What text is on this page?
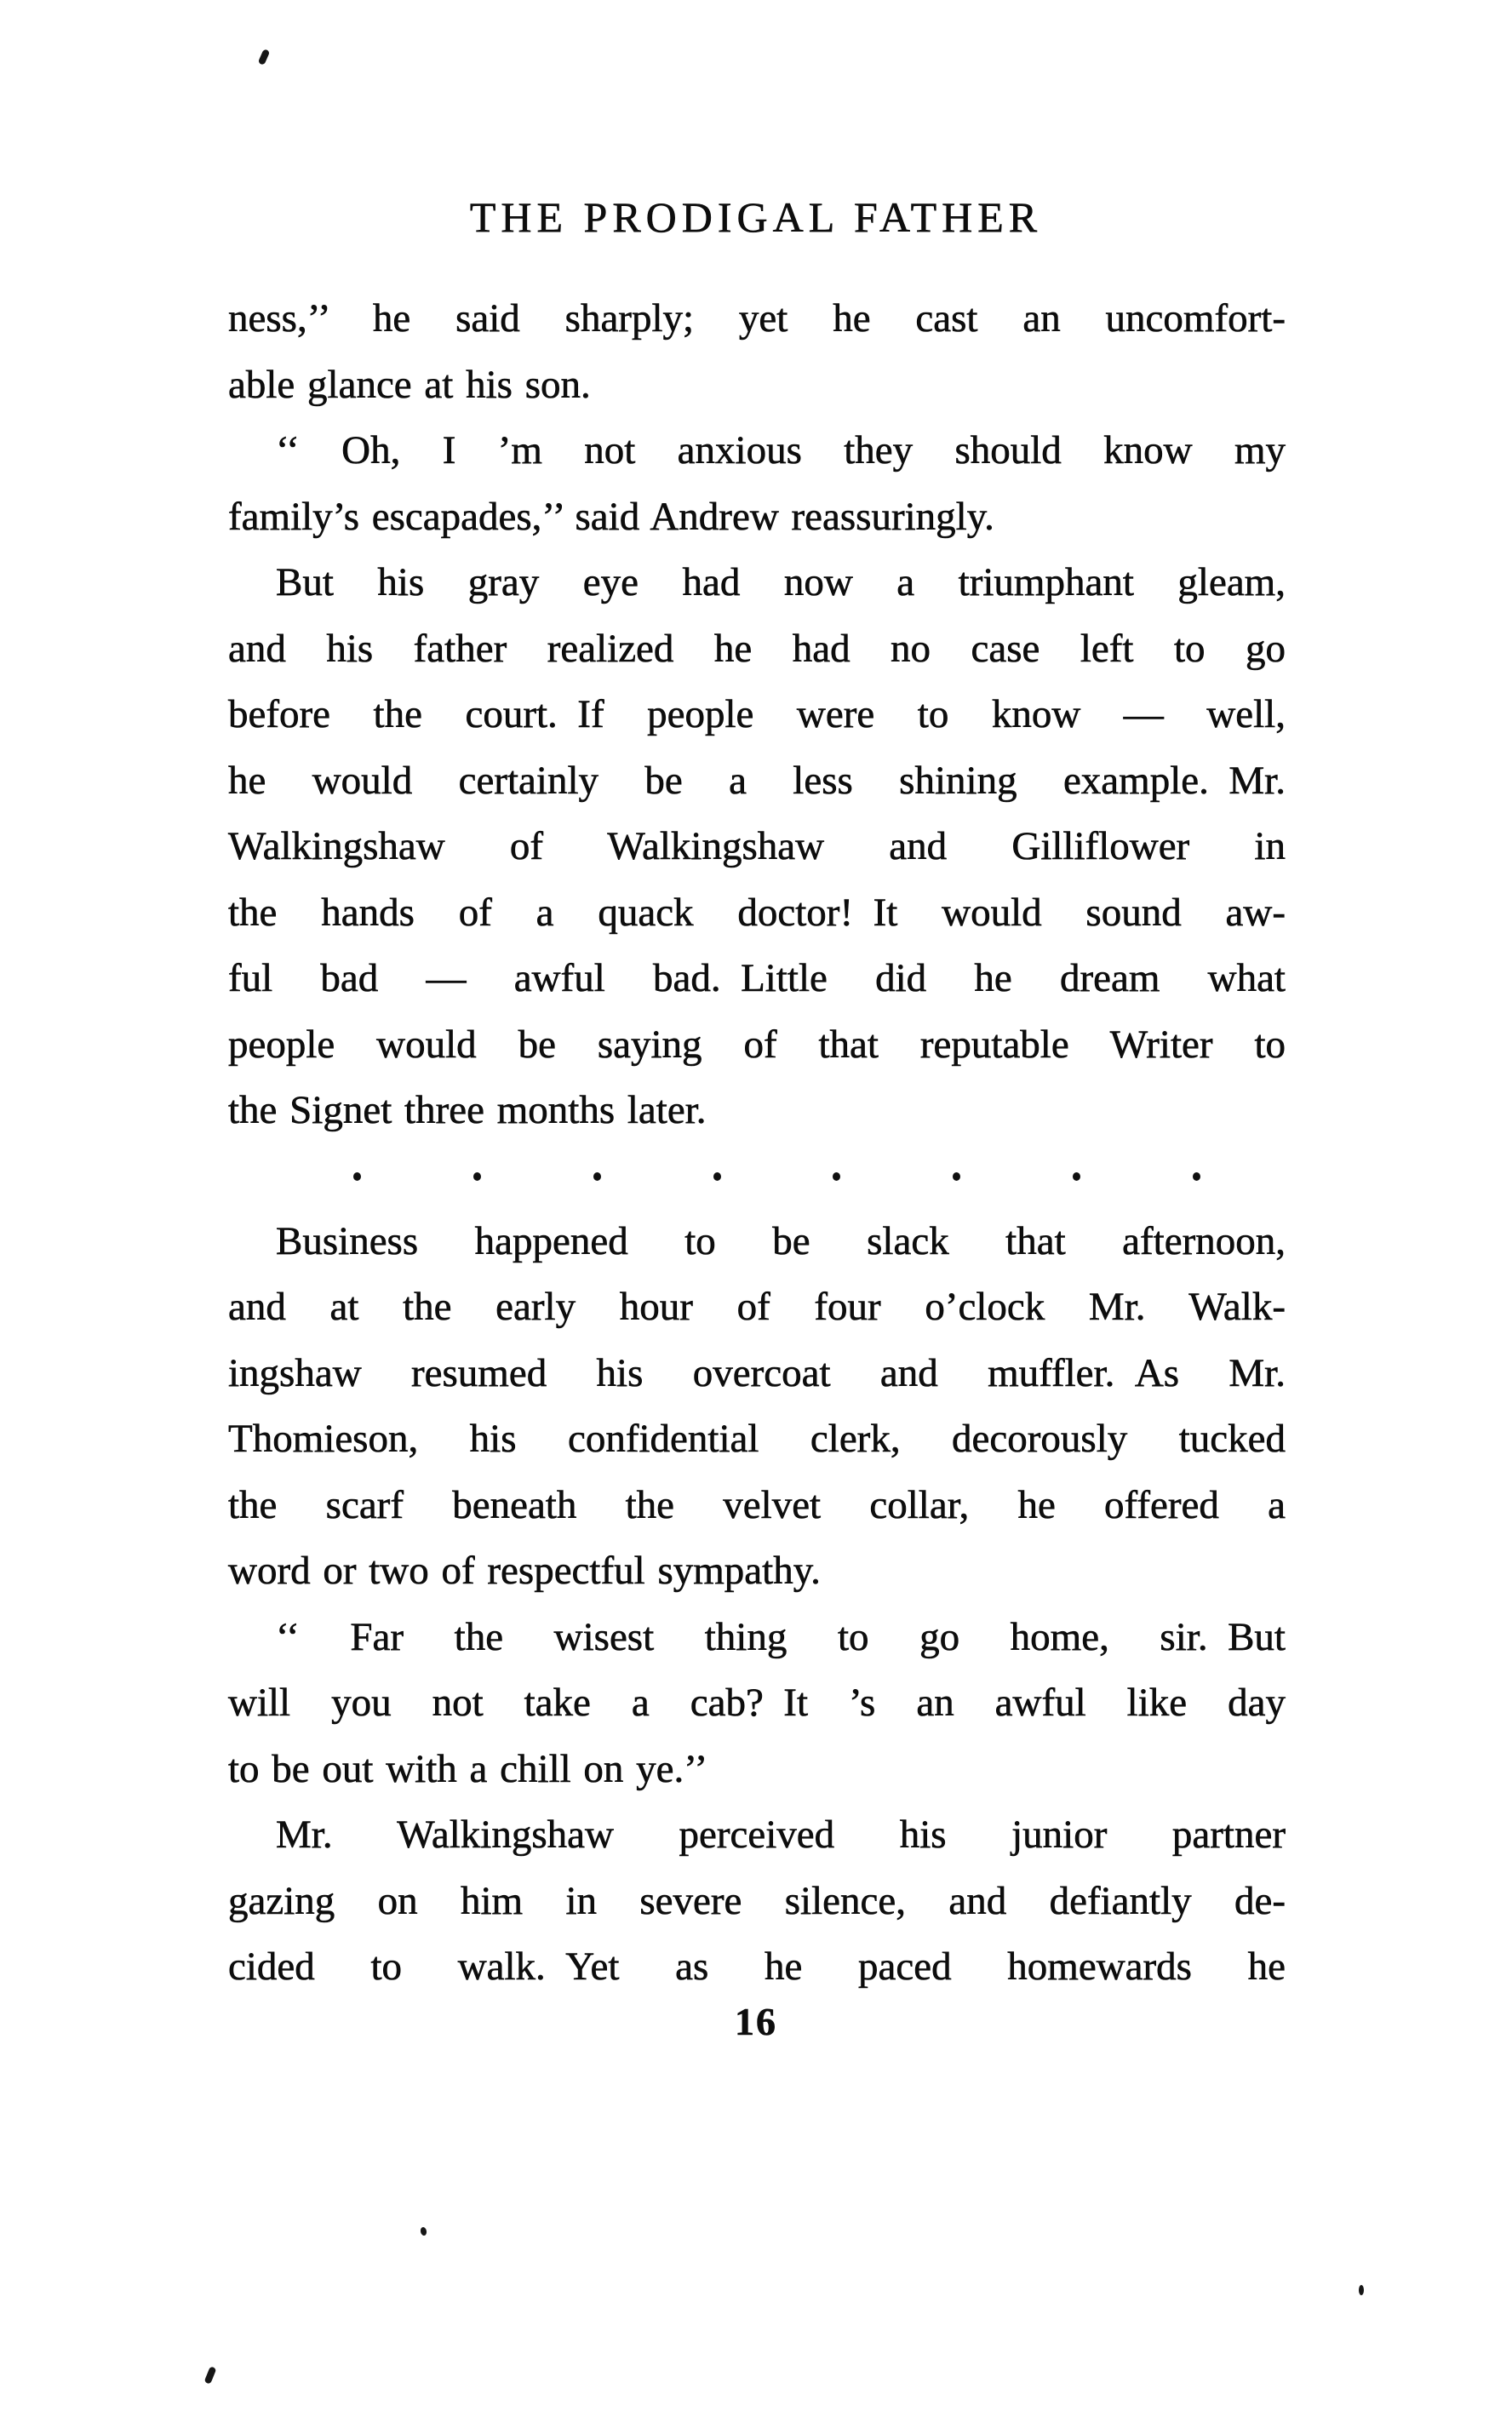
THE PRODIGAL FATHER
ness,’’ he said sharply; yet he cast an uncomfort-
able glance at his son.
‘‘ Oh, I ’m not anxious they should know my
family’s escapades,’’ said Andrew reassuringly.
But his gray eye had now a triumphant gleam,
and his father realized he had no case left to go
before the court. If people were to know — well,
he would certainly be a less shining example. Mr.
Walkingshaw of Walkingshaw and Gilliflower in
the hands of a quack doctor! It would sound aw-
ful bad — awful bad. Little did he dream what
people would be saying of that reputable Writer to
the Signet three months later.
Business happened to be slack that afternoon,
and at the early hour of four o’clock Mr. Walk-
ingshaw resumed his overcoat and muffler. As Mr.
Thomieson, his confidential clerk, decorously tucked
the scarf beneath the velvet collar, he offered a
word or two of respectful sympathy.
‘‘ Far the wisest thing to go home, sir. But
will you not take a cab? It ’s an awful like day
to be out with a chill on ye.’’
Mr. Walkingshaw perceived his junior partner
gazing on him in severe silence, and defiantly de-
cided to walk. Yet as he paced homewards he
16
